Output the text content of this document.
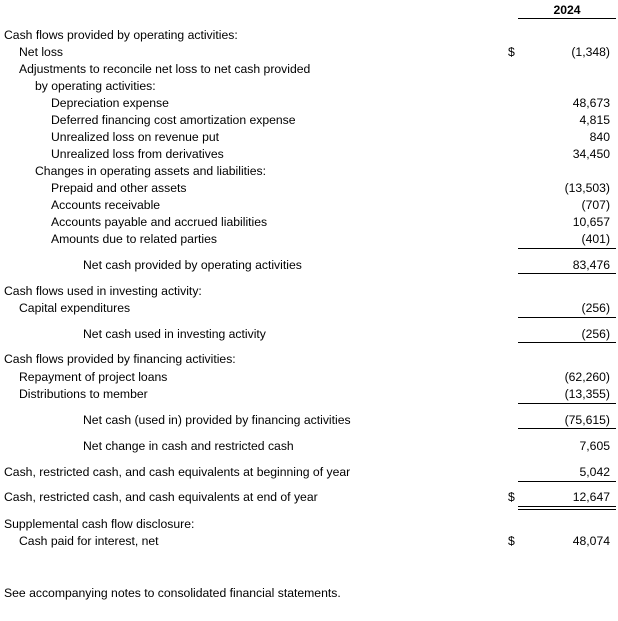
2024
Cash flows provided by operating activities:
Net loss	$	(1,348)
Adjustments to reconcile net loss to net cash provided
by operating activities:
Depreciation expense	48,673
Deferred financing cost amortization expense	4,815
Unrealized loss on revenue put	840
Unrealized loss from derivatives	34,450
Changes in operating assets and liabilities:
Prepaid and other assets	(13,503)
Accounts receivable	(707)
Accounts payable and accrued liabilities	10,657
Amounts due to related parties	(401)
Net cash provided by operating activities	83,476
Cash flows used in investing activity:
Capital expenditures	(256)
Net cash used in investing activity	(256)
Cash flows provided by financing activities:
Repayment of project loans	(62,260)
Distributions to member	(13,355)
Net cash (used in) provided by financing activities	(75,615)
Net change in cash and restricted cash	7,605
Cash, restricted cash, and cash equivalents at beginning of year	5,042
Cash, restricted cash, and cash equivalents at end of year	$	12,647
Supplemental cash flow disclosure:
Cash paid for interest, net	$	48,074
See accompanying notes to consolidated financial statements.
